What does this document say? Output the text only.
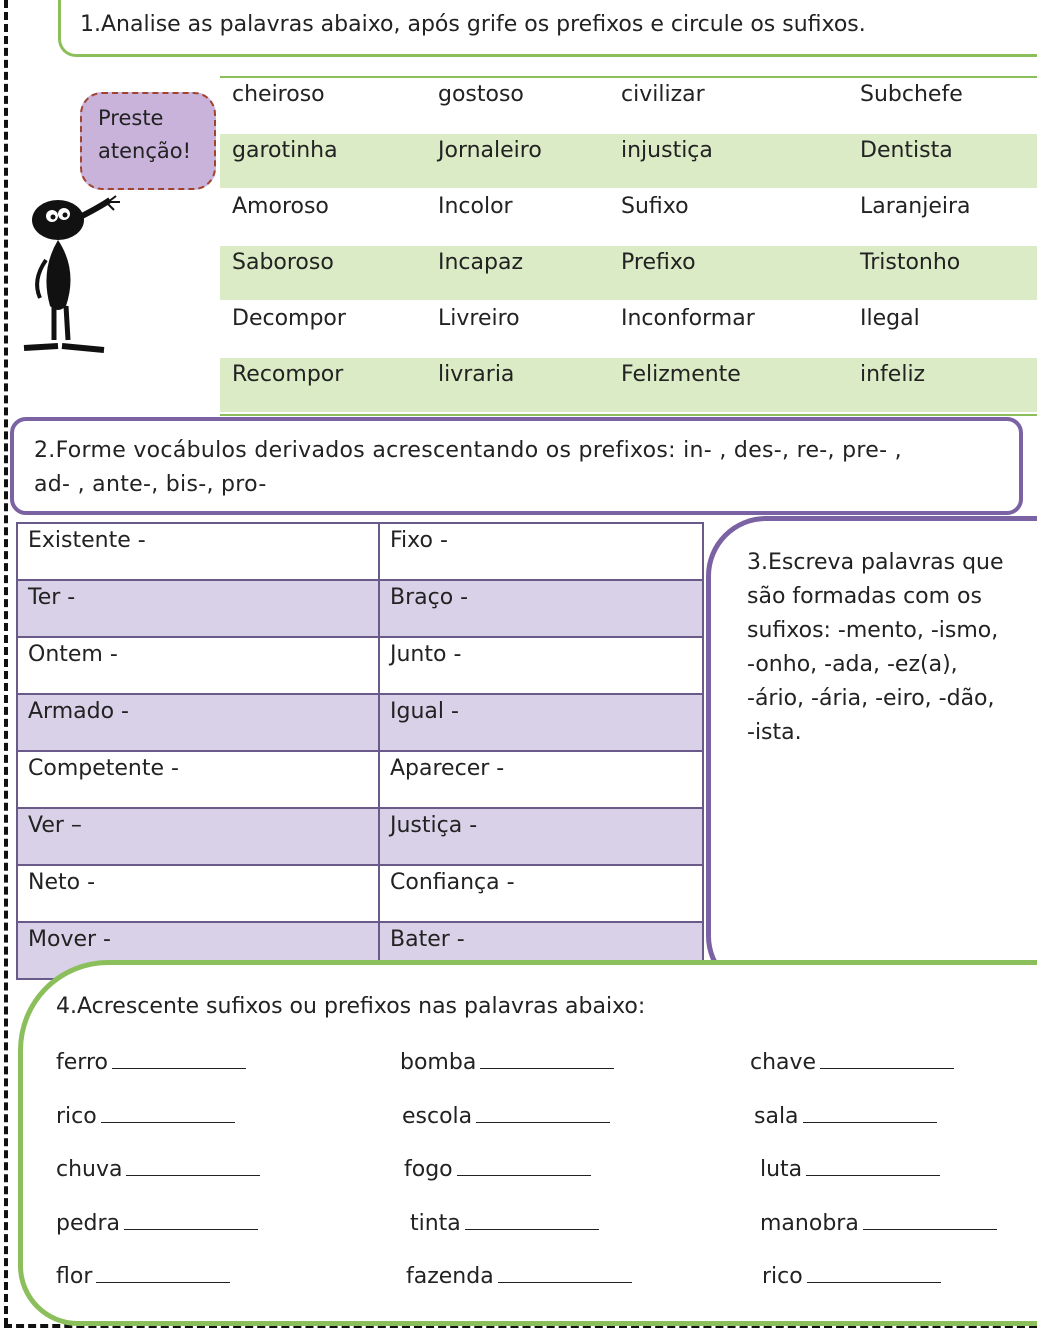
1.Analise as palavras abaixo, após grife os prefixos e circule os sufixos.
Preste
atenção!
cheiroso	gostoso	civilizar	Subchefe
garotinha	Jornaleiro	injustiça	Dentista
Amoroso	Incolor	Sufixo	Laranjeira
Saboroso	Incapaz	Prefixo	Tristonho
Decompor	Livreiro	Inconformar	Ilegal
Recompor	livraria	Felizmente	infeliz
2.Forme vocábulos derivados acrescentando os prefixos: in- , des-, re-, pre- ,
ad- , ante-, bis-, pro-
Existente -	Fixo -
Ter -	Braço -
Ontem -	Junto -
Armado -	Igual -
Competente -	Aparecer -
Ver –	Justiça -
Neto -	Confiança -
Mover -	Bater -
3.Escreva palavras que
são formadas com os
sufixos: -mento, -ismo,
-onho, -ada, -ez(a),
-ário, -ária, -eiro, -dão,
-ista.
4.Acrescente sufixos ou prefixos nas palavras abaixo:
ferro	bomba	chave
rico	escola	sala
chuva	fogo	luta
pedra	tinta	manobra
flor	fazenda	rico
